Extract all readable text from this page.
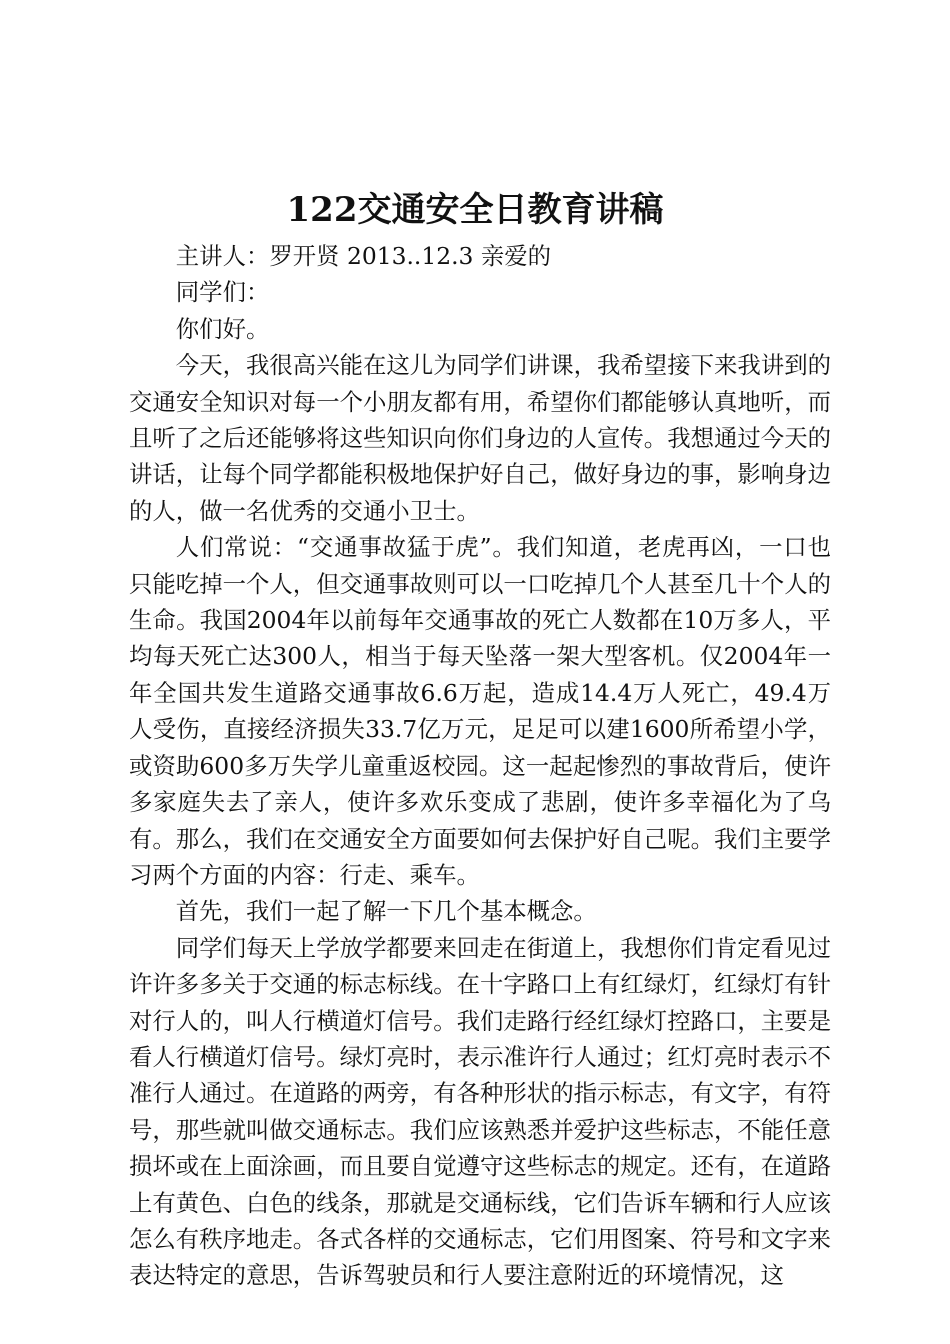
122交通安全日教育讲稿

主讲人：罗开贤 2013..12.3 亲爱的

同学们：

你们好。

今天，我很高兴能在这儿为同学们讲课，我希望接下来我讲到的交通安全知识对每一个小朋友都有用，希望你们都能够认真地听，而且听了之后还能够将这些知识向你们身边的人宣传。我想通过今天的讲话，让每个同学都能积极地保护好自己，做好身边的事，影响身边的人，做一名优秀的交通小卫士。

人们常说：“交通事故猛于虎”。我们知道，老虎再凶，一口也只能吃掉一个人，但交通事故则可以一口吃掉几个人甚至几十个人的生命。我国2004年以前每年交通事故的死亡人数都在10万多人，平均每天死亡达300人，相当于每天坠落一架大型客机。仅2004年一年全国共发生道路交通事故6.6万起，造成14.4万人死亡，49.4万人受伤，直接经济损失33.7亿万元，足足可以建1600所希望小学，或资助600多万失学儿童重返校园。这一起起惨烈的事故背后，使许多家庭失去了亲人，使许多欢乐变成了悲剧，使许多幸福化为了乌有。那么，我们在交通安全方面要如何去保护好自己呢。我们主要学习两个方面的内容：行走、乘车。

首先，我们一起了解一下几个基本概念。

同学们每天上学放学都要来回走在街道上，我想你们肯定看见过许许多多关于交通的标志标线。在十字路口上有红绿灯，红绿灯有针对行人的，叫人行横道灯信号。我们走路行经红绿灯控路口，主要是看人行横道灯信号。绿灯亮时，表示准许行人通过；红灯亮时表示不准行人通过。在道路的两旁，有各种形状的指示标志，有文字，有符号，那些就叫做交通标志。我们应该熟悉并爱护这些标志，不能任意损坏或在上面涂画，而且要自觉遵守这些标志的规定。还有，在道路上有黄色、白色的线条，那就是交通标线，它们告诉车辆和行人应该怎么有秩序地走。各式各样的交通标志，它们用图案、符号和文字来表达特定的意思，告诉驾驶员和行人要注意附近的环境情况，这
